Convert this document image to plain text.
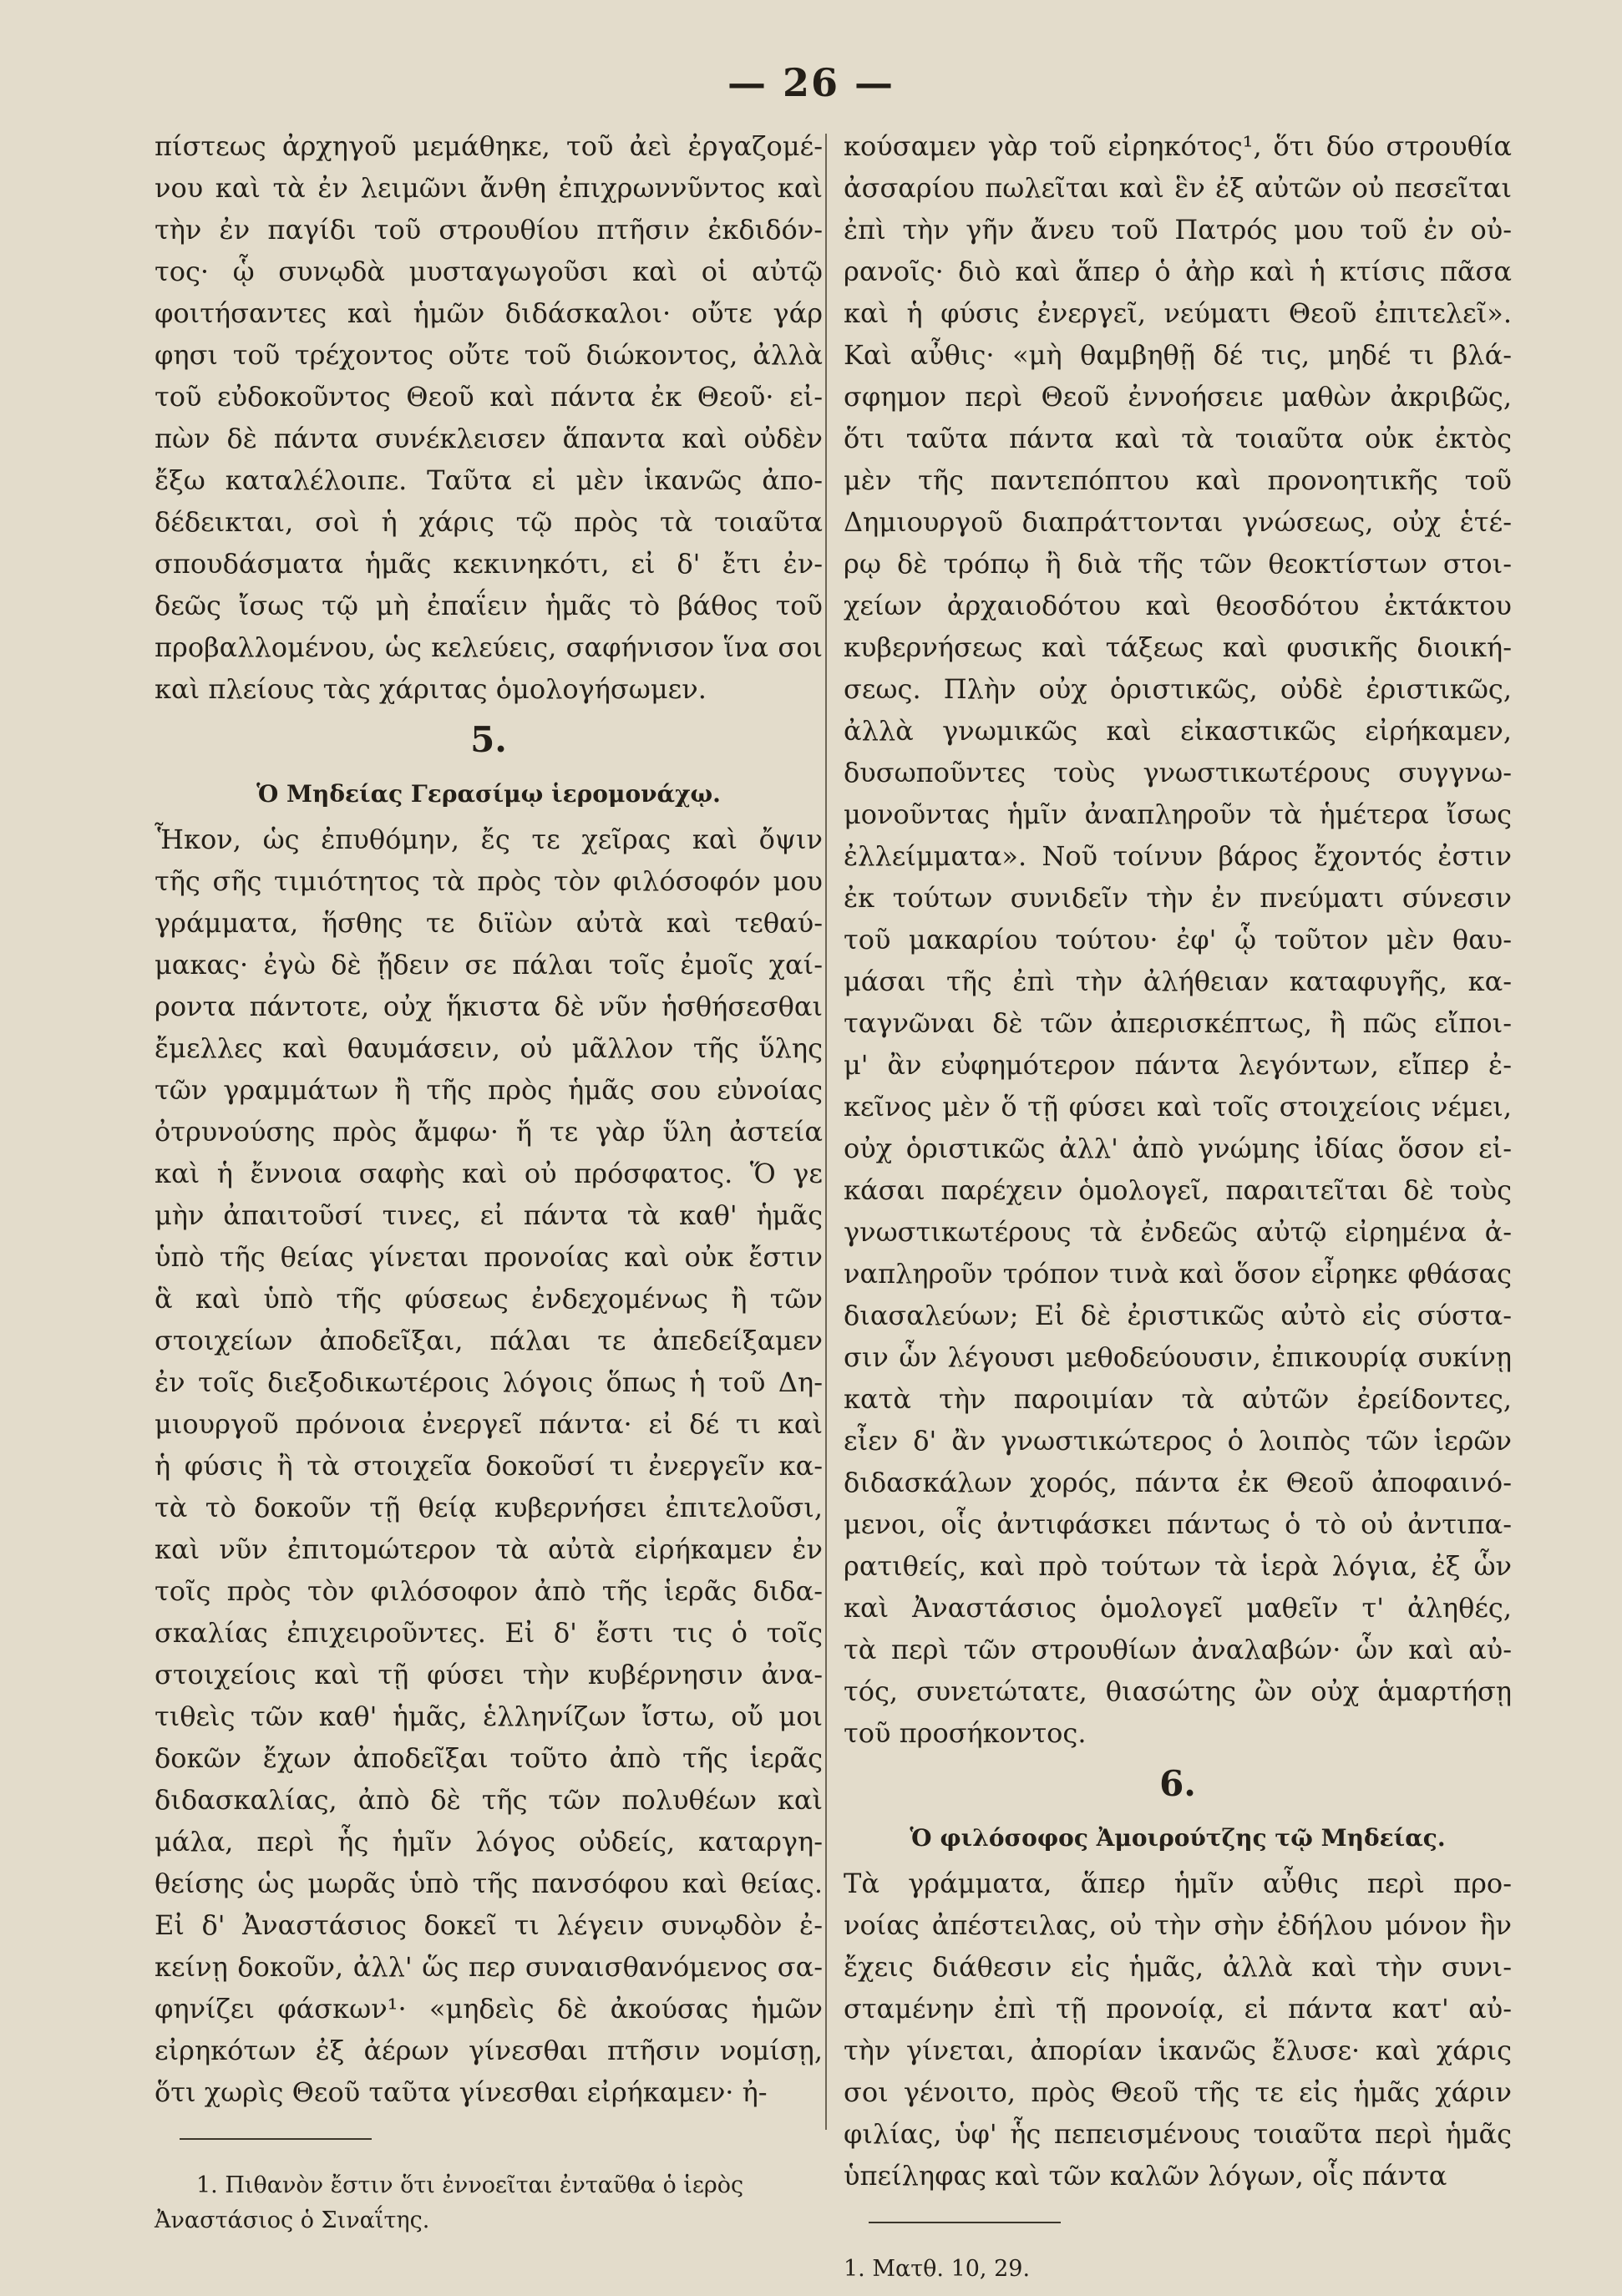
— 26 —
πίστεως ἀρχηγοῦ μεμάθηκε, τοῦ ἀεὶ ἐργαζομέ-
νου καὶ τὰ ἐν λειμῶνι ἄνθη ἐπιχρωννῦντος καὶ
τὴν ἐν παγίδι τοῦ στρουθίου πτῆσιν ἐκδιδόν-
τος· ᾧ συνῳδὰ μυσταγωγοῦσι καὶ οἱ αὐτῷ
φοιτήσαντες καὶ ἡμῶν διδάσκαλοι· οὔτε γάρ
φησι τοῦ τρέχοντος οὔτε τοῦ διώκοντος, ἀλλὰ
τοῦ εὐδοκοῦντος Θεοῦ καὶ πάντα ἐκ Θεοῦ· εἰ-
πὼν δὲ πάντα συνέκλεισεν ἅπαντα καὶ οὐδὲν
ἔξω καταλέλοιπε. Ταῦτα εἰ μὲν ἱκανῶς ἀπο-
δέδεικται, σοὶ ἡ χάρις τῷ πρὸς τὰ τοιαῦτα
σπουδάσματα ἡμᾶς κεκινηκότι, εἰ δ' ἔτι ἐν-
δεῶς ἴσως τῷ μὴ ἐπαΐειν ἡμᾶς τὸ βάθος τοῦ
προβαλλομένου, ὡς κελεύεις, σαφήνισον ἵνα σοι
καὶ πλείους τὰς χάριτας ὁμολογήσωμεν.
5.
Ὁ Μηδείας Γερασίμῳ ἱερομονάχῳ.
Ἧκον, ὡς ἐπυθόμην, ἔς τε χεῖρας καὶ ὄψιν
τῆς σῆς τιμιότητος τὰ πρὸς τὸν φιλόσοφόν μου
γράμματα, ἥσθης τε διϊὼν αὐτὰ καὶ τεθαύ-
μακας· ἐγὼ δὲ ᾔδειν σε πάλαι τοῖς ἐμοῖς χαί-
ροντα πάντοτε, οὐχ ἥκιστα δὲ νῦν ἡσθήσεσθαι
ἔμελλες καὶ θαυμάσειν, οὐ μᾶλλον τῆς ὕλης
τῶν γραμμάτων ἢ τῆς πρὸς ἡμᾶς σου εὐνοίας
ὀτρυνούσης πρὸς ἄμφω· ἥ τε γὰρ ὕλη ἀστεία
καὶ ἡ ἔννοια σαφὴς καὶ οὐ πρόσφατος. Ὅ γε
μὴν ἀπαιτοῦσί τινες, εἰ πάντα τὰ καθ' ἡμᾶς
ὑπὸ τῆς θείας γίνεται προνοίας καὶ οὐκ ἔστιν
ἃ καὶ ὑπὸ τῆς φύσεως ἐνδεχομένως ἢ τῶν
στοιχείων ἀποδεῖξαι, πάλαι τε ἀπεδείξαμεν
ἐν τοῖς διεξοδικωτέροις λόγοις ὅπως ἡ τοῦ Δη-
μιουργοῦ πρόνοια ἐνεργεῖ πάντα· εἰ δέ τι καὶ
ἡ φύσις ἢ τὰ στοιχεῖα δοκοῦσί τι ἐνεργεῖν κα-
τὰ τὸ δοκοῦν τῇ θείᾳ κυβερνήσει ἐπιτελοῦσι,
καὶ νῦν ἐπιτομώτερον τὰ αὐτὰ εἰρήκαμεν ἐν
τοῖς πρὸς τὸν φιλόσοφον ἀπὸ τῆς ἱερᾶς διδα-
σκαλίας ἐπιχειροῦντες. Εἰ δ' ἔστι τις ὁ τοῖς
στοιχείοις καὶ τῇ φύσει τὴν κυβέρνησιν ἀνα-
τιθεὶς τῶν καθ' ἡμᾶς, ἑλληνίζων ἴστω, οὔ μοι
δοκῶν ἔχων ἀποδεῖξαι τοῦτο ἀπὸ τῆς ἱερᾶς
διδασκαλίας, ἀπὸ δὲ τῆς τῶν πολυθέων καὶ
μάλα, περὶ ἧς ἡμῖν λόγος οὐδείς, καταργη-
θείσης ὡς μωρᾶς ὑπὸ τῆς πανσόφου καὶ θείας.
Εἰ δ' Ἀναστάσιος δοκεῖ τι λέγειν συνῳδὸν ἐ-
κείνῃ δοκοῦν, ἀλλ' ὥς περ συναισθανόμενος σα-
φηνίζει φάσκων¹· «μηδεὶς δὲ ἀκούσας ἡμῶν
εἰρηκότων ἐξ ἀέρων γίνεσθαι πτῆσιν νομίσῃ,
ὅτι χωρὶς Θεοῦ ταῦτα γίνεσθαι εἰρήκαμεν· ἠ-
1. Πιθανὸν ἔστιν ὅτι ἐννοεῖται ἐνταῦθα ὁ ἱερὸς
Ἀναστάσιος ὁ Σιναΐτης.
κούσαμεν γὰρ τοῦ εἰρηκότος¹, ὅτι δύο στρουθία
ἀσσαρίου πωλεῖται καὶ ἓν ἐξ αὐτῶν οὐ πεσεῖται
ἐπὶ τὴν γῆν ἄνευ τοῦ Πατρός μου τοῦ ἐν οὐ-
ρανοῖς· διὸ καὶ ἅπερ ὁ ἀὴρ καὶ ἡ κτίσις πᾶσα
καὶ ἡ φύσις ἐνεργεῖ, νεύματι Θεοῦ ἐπιτελεῖ».
Καὶ αὖθις· «μὴ θαμβηθῇ δέ τις, μηδέ τι βλά-
σφημον περὶ Θεοῦ ἐννοήσειε μαθὼν ἀκριβῶς,
ὅτι ταῦτα πάντα καὶ τὰ τοιαῦτα οὐκ ἐκτὸς
μὲν τῆς παντεπόπτου καὶ προνοητικῆς τοῦ
Δημιουργοῦ διαπράττονται γνώσεως, οὐχ ἑτέ-
ρῳ δὲ τρόπῳ ἢ διὰ τῆς τῶν θεοκτίστων στοι-
χείων ἀρχαιοδότου καὶ θεοσδότου ἐκτάκτου
κυβερνήσεως καὶ τάξεως καὶ φυσικῆς διοική-
σεως. Πλὴν οὐχ ὁριστικῶς, οὐδὲ ἐριστικῶς,
ἀλλὰ γνωμικῶς καὶ εἰκαστικῶς εἰρήκαμεν,
δυσωποῦντες τοὺς γνωστικωτέρους συγγνω-
μονοῦντας ἡμῖν ἀναπληροῦν τὰ ἡμέτερα ἴσως
ἐλλείμματα». Νοῦ τοίνυν βάρος ἔχοντός ἐστιν
ἐκ τούτων συνιδεῖν τὴν ἐν πνεύματι σύνεσιν
τοῦ μακαρίου τούτου· ἐφ' ᾧ τοῦτον μὲν θαυ-
μάσαι τῆς ἐπὶ τὴν ἀλήθειαν καταφυγῆς, κα-
ταγνῶναι δὲ τῶν ἀπερισκέπτως, ἢ πῶς εἴποι-
μ' ἂν εὐφημότερον πάντα λεγόντων, εἴπερ ἐ-
κεῖνος μὲν ὅ τῇ φύσει καὶ τοῖς στοιχείοις νέμει,
οὐχ ὁριστικῶς ἀλλ' ἀπὸ γνώμης ἰδίας ὅσον εἰ-
κάσαι παρέχειν ὁμολογεῖ, παραιτεῖται δὲ τοὺς
γνωστικωτέρους τὰ ἐνδεῶς αὐτῷ εἰρημένα ἀ-
ναπληροῦν τρόπον τινὰ καὶ ὅσον εἶρηκε φθάσας
διασαλεύων; Εἰ δὲ ἐριστικῶς αὐτὸ εἰς σύστα-
σιν ὧν λέγουσι μεθοδεύουσιν, ἐπικουρίᾳ συκίνῃ
κατὰ τὴν παροιμίαν τὰ αὐτῶν ἐρείδοντες,
εἶεν δ' ἂν γνωστικώτερος ὁ λοιπὸς τῶν ἱερῶν
διδασκάλων χορός, πάντα ἐκ Θεοῦ ἀποφαινό-
μενοι, οἷς ἀντιφάσκει πάντως ὁ τὸ οὐ ἀντιπα-
ρατιθείς, καὶ πρὸ τούτων τὰ ἱερὰ λόγια, ἐξ ὧν
καὶ Ἀναστάσιος ὁμολογεῖ μαθεῖν τ' ἀληθές,
τὰ περὶ τῶν στρουθίων ἀναλαβών· ὧν καὶ αὐ-
τός, συνετώτατε, θιασώτης ὢν οὐχ ἁμαρτήσῃ
τοῦ προσήκοντος.
6.
Ὁ φιλόσοφος Ἀμοιρούτζης τῷ Μηδείας.
Τὰ γράμματα, ἅπερ ἡμῖν αὖθις περὶ προ-
νοίας ἀπέστειλας, οὐ τὴν σὴν ἐδήλου μόνον ἣν
ἔχεις διάθεσιν εἰς ἡμᾶς, ἀλλὰ καὶ τὴν συνι-
σταμένην ἐπὶ τῇ προνοίᾳ, εἰ πάντα κατ' αὐ-
τὴν γίνεται, ἀπορίαν ἱκανῶς ἔλυσε· καὶ χάρις
σοι γένοιτο, πρὸς Θεοῦ τῆς τε εἰς ἡμᾶς χάριν
φιλίας, ὑφ' ἧς πεπεισμένους τοιαῦτα περὶ ἡμᾶς
ὑπείληφας καὶ τῶν καλῶν λόγων, οἷς πάντα
1. Ματθ. 10, 29.
